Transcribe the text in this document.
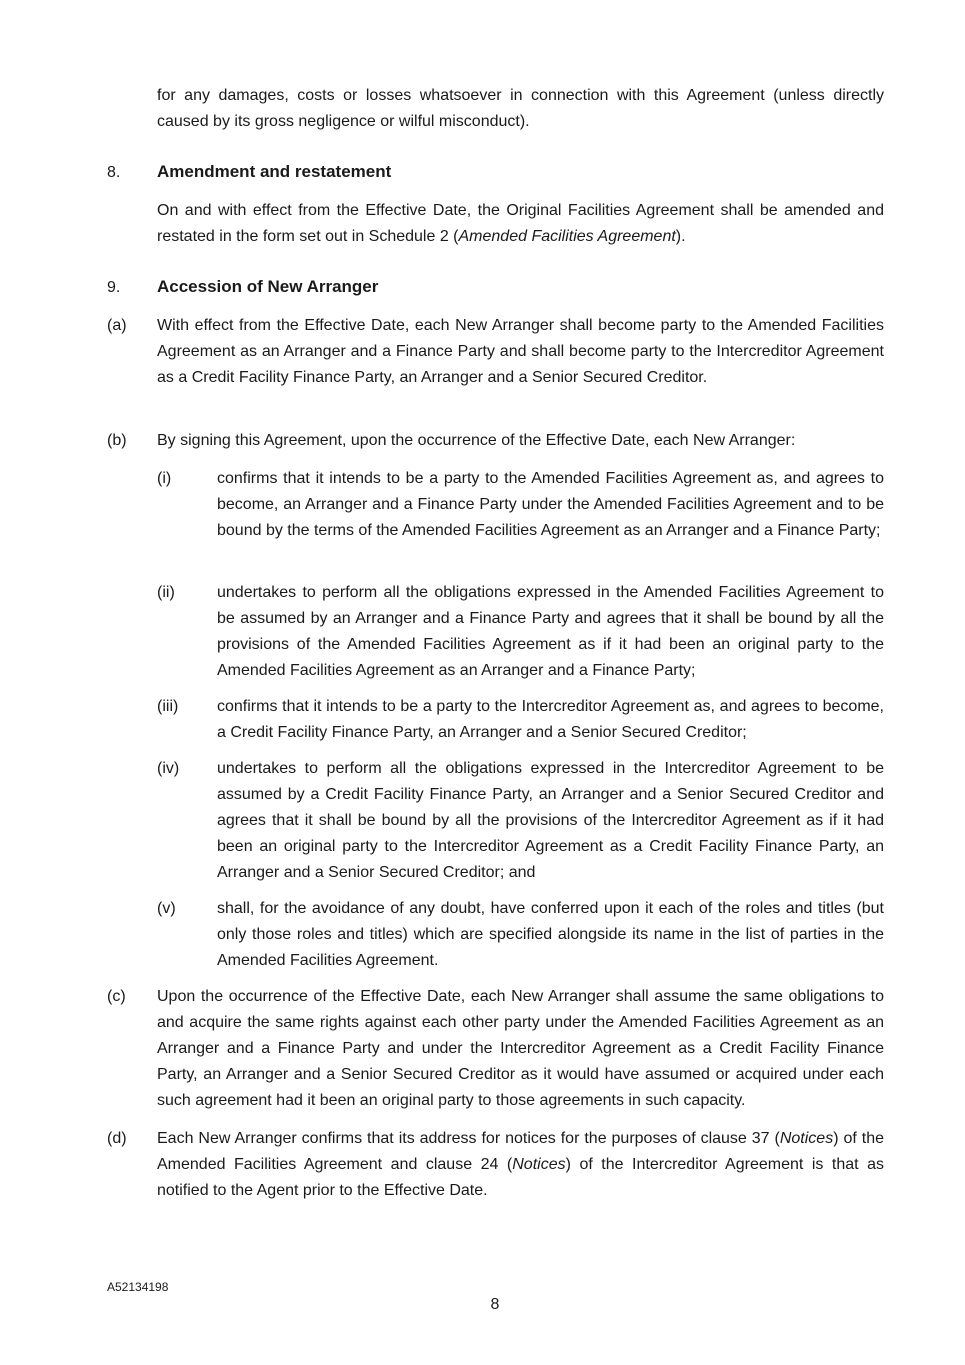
for any damages, costs or losses whatsoever in connection with this Agreement (unless directly caused by its gross negligence or wilful misconduct).

8. Amendment and restatement

On and with effect from the Effective Date, the Original Facilities Agreement shall be amended and restated in the form set out in Schedule 2 (Amended Facilities Agreement).

9. Accession of New Arranger
(a) With effect from the Effective Date, each New Arranger shall become party to the Amended Facilities Agreement as an Arranger and a Finance Party and shall become party to the Intercreditor Agreement as a Credit Facility Finance Party, an Arranger and a Senior Secured Creditor.

(b) By signing this Agreement, upon the occurrence of the Effective Date, each New Arranger:

(i)	confirms that it intends to be a party to the Amended Facilities Agreement as, and agrees to become, an Arranger and a Finance Party under the Amended Facilities Agreement and to be bound by the terms of the Amended Facilities Agreement as an Arranger and a Finance Party;

(ii)	undertakes to perform all the obligations expressed in the Amended Facilities Agreement to be assumed by an Arranger and a Finance Party and agrees that it shall be bound by all the provisions of the Amended Facilities Agreement as if it had been an original party to the Amended Facilities Agreement as an Arranger and a Finance Party;

(iii) confirms that it intends to be a party to the Intercreditor Agreement as, and agrees to become, a Credit Facility Finance Party, an Arranger and a Senior Secured Creditor;

(iv) undertakes to perform all the obligations expressed in the Intercreditor Agreement to be assumed by a Credit Facility Finance Party, an Arranger and a Senior Secured Creditor and agrees that it shall be bound by all the provisions of the Intercreditor Agreement as if it had been an original party to the Intercreditor Agreement as a Credit Facility Finance Party, an Arranger and a Senior Secured Creditor; and

(v)	shall, for the avoidance of any doubt, have conferred upon it each of the roles and titles (but only those roles and titles) which are specified alongside its name in the list of parties in the Amended Facilities Agreement.

(c) Upon the occurrence of the Effective Date, each New Arranger shall assume the same obligations to and acquire the same rights against each other party under the Amended Facilities Agreement as an Arranger and a Finance Party and under the Intercreditor Agreement as a Credit Facility Finance Party, an Arranger and a Senior Secured Creditor as it would have assumed or acquired under each such agreement had it been an original party to those agreements in such capacity.

(d) Each New Arranger confirms that its address for notices for the purposes of clause 37 (Notices) of the Amended Facilities Agreement and clause 24 (Notices) of the Intercreditor Agreement is that as notified to the Agent prior to the Effective Date.

A52134198
8
